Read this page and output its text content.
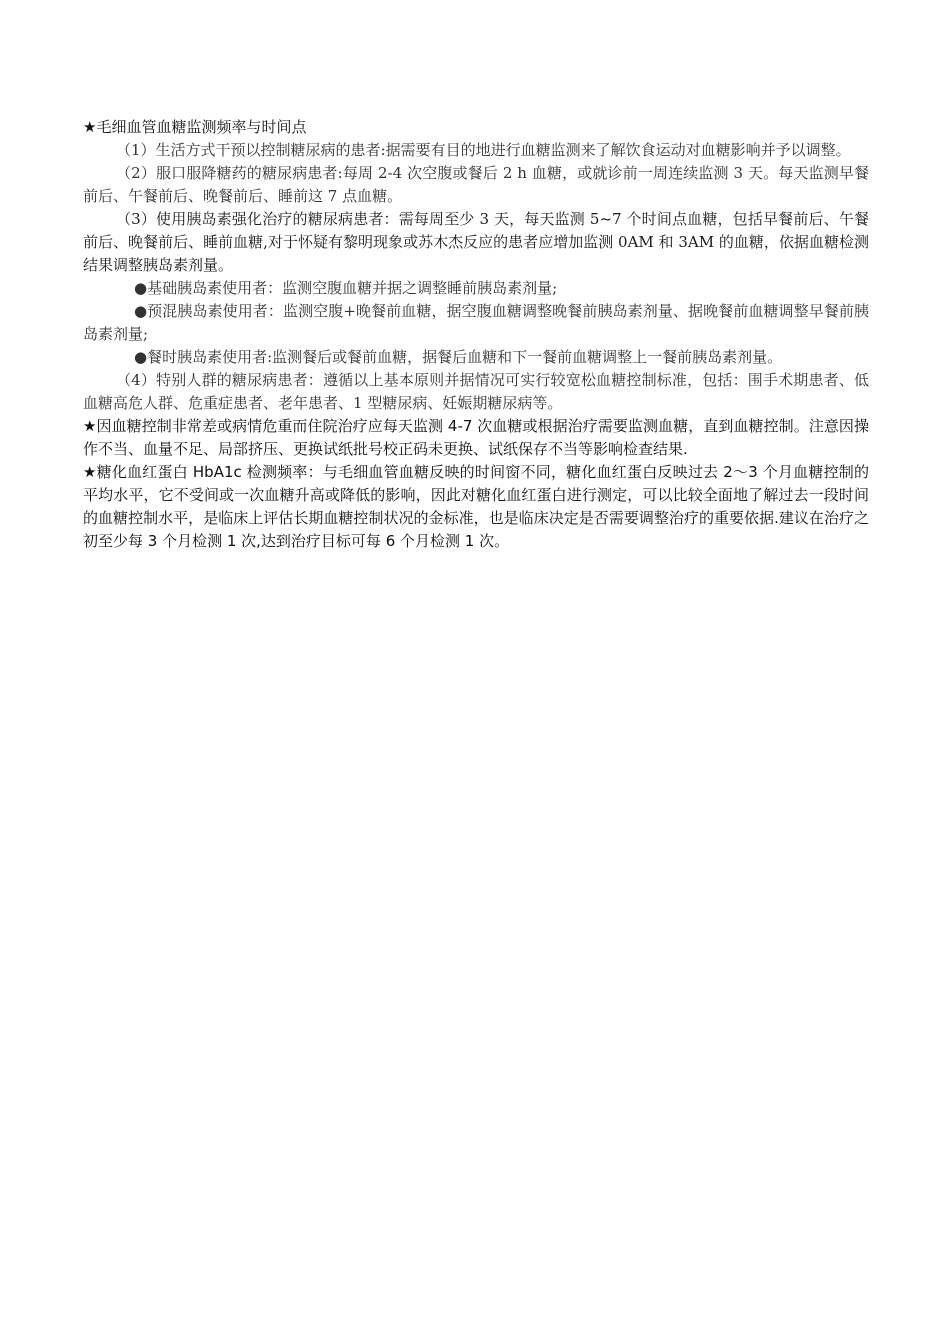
★毛细血管血糖监测频率与时间点

（1）生活方式干预以控制糖尿病的患者:据需要有目的地进行血糖监测来了解饮食运动对血糖影响并予以调整。

（2）服口服降糖药的糖尿病患者:每周 2-4 次空腹或餐后 2 h 血糖，或就诊前一周连续监测 3 天。每天监测早餐前后、午餐前后、晚餐前后、睡前这 7 点血糖。

（3）使用胰岛素强化治疗的糖尿病患者：需每周至少 3 天，每天监测 5~7 个时间点血糖，包括早餐前后、午餐前后、晚餐前后、睡前血糖,对于怀疑有黎明现象或苏木杰反应的患者应增加监测 0AM 和 3AM 的血糖，依据血糖检测结果调整胰岛素剂量。

●基础胰岛素使用者：监测空腹血糖并据之调整睡前胰岛素剂量;

●预混胰岛素使用者：监测空腹+晚餐前血糖，据空腹血糖调整晚餐前胰岛素剂量、据晚餐前血糖调整早餐前胰岛素剂量;

●餐时胰岛素使用者:监测餐后或餐前血糖，据餐后血糖和下一餐前血糖调整上一餐前胰岛素剂量。

（4）特别人群的糖尿病患者：遵循以上基本原则并据情况可实行较宽松血糖控制标准，包括：围手术期患者、低血糖高危人群、危重症患者、老年患者、1 型糖尿病、妊娠期糖尿病等。

★因血糖控制非常差或病情危重而住院治疗应每天监测 4-7 次血糖或根据治疗需要监测血糖，直到血糖控制。注意因操作不当、血量不足、局部挤压、更换试纸批号校正码未更换、试纸保存不当等影响检查结果.

★糖化血红蛋白 HbA1c 检测频率：与毛细血管血糖反映的时间窗不同，糖化血红蛋白反映过去 2～3 个月血糖控制的平均水平，它不受间或一次血糖升高或降低的影响，因此对糖化血红蛋白进行测定，可以比较全面地了解过去一段时间的血糖控制水平，是临床上评估长期血糖控制状况的金标准，也是临床决定是否需要调整治疗的重要依据.建议在治疗之初至少每 3 个月检测 1 次,达到治疗目标可每 6 个月检测 1 次。
